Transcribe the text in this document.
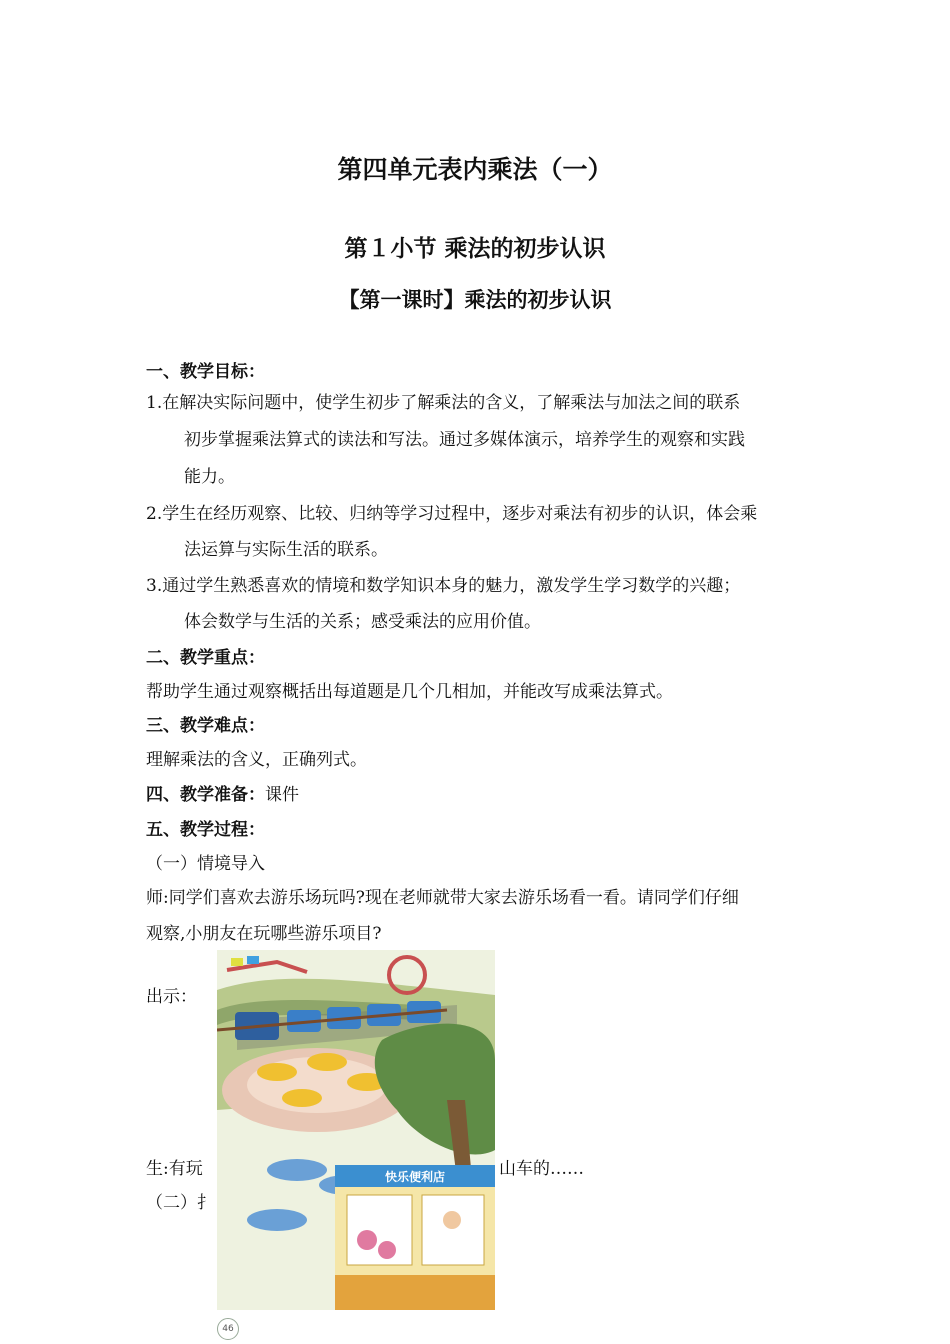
第四单元表内乘法（一）
第１小节 乘法的初步认识
【第一课时】乘法的初步认识
一、教学目标：
1.在解决实际问题中，使学生初步了解乘法的含义，了解乘法与加法之间的联系
初步掌握乘法算式的读法和写法。通过多媒体演示，培养学生的观察和实践
能力。
2.学生在经历观察、比较、归纳等学习过程中，逐步对乘法有初步的认识，体会乘
法运算与实际生活的联系。
3.通过学生熟悉喜欢的情境和数学知识本身的魅力，激发学生学习数学的兴趣；
体会数学与生活的关系；感受乘法的应用价值。
二、教学重点：
帮助学生通过观察概括出每道题是几个几相加，并能改写成乘法算式。
三、教学难点：
理解乘法的含义，正确列式。
四、教学准备：课件
五、教学过程：
（一）情境导入
师:同学们喜欢去游乐场玩吗?现在老师就带大家去游乐场看一看。请同学们仔细
观察,小朋友在玩哪些游乐项目?
出示：
生:有玩	山车的……
（二）扌
快乐便利店
46
